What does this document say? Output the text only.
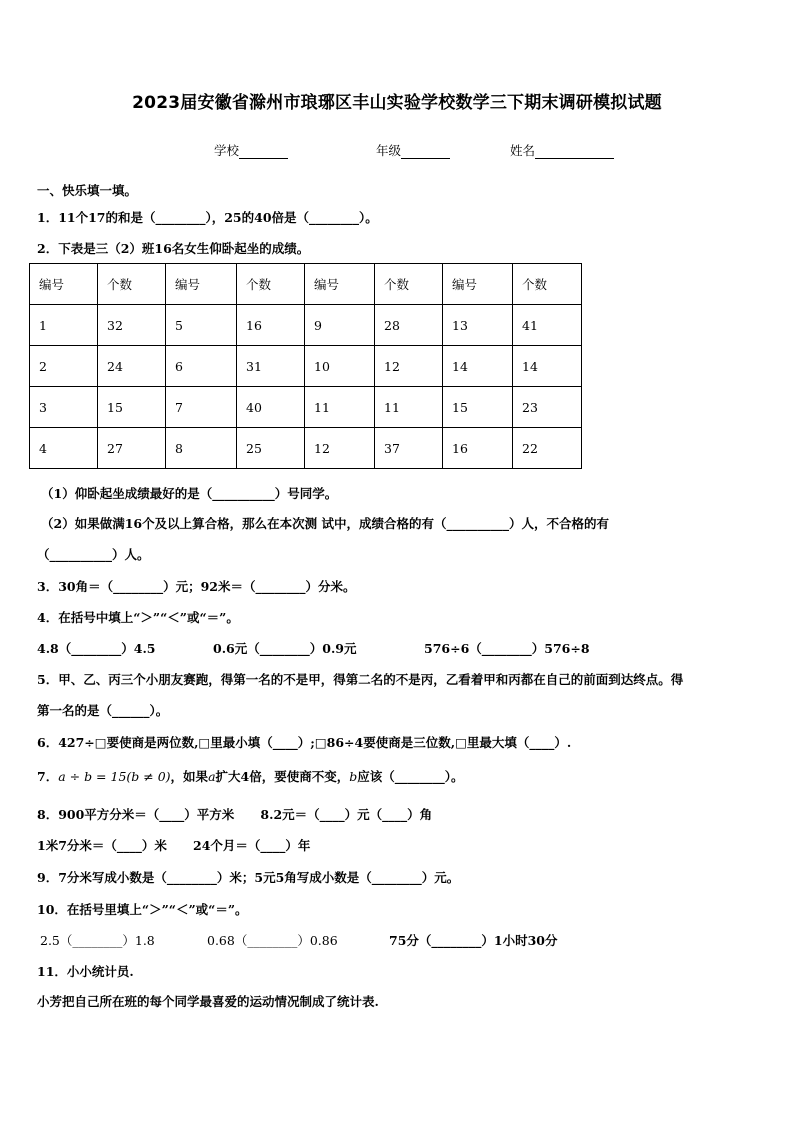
2023届安徽省滁州市琅琊区丰山实验学校数学三下期末调研模拟试题
学校	年级	姓名
一、快乐填一填。
1．11个17的和是（________），25的40倍是（________）。
2．下表是三（2）班16名女生仰卧起坐的成绩。
编号	个数	编号	个数	编号	个数	编号	个数
1	32	5	16	9	28	13	41
2	24	6	31	10	12	14	14
3	15	7	40	11	11	15	23
4	27	8	25	12	37	16	22
（1）仰卧起坐成绩最好的是（__________）号同学。
（2）如果做满16个及以上算合格，那么在本次测 试中，成绩合格的有（__________）人，不合格的有
（__________）人。
3．30角＝（________）元；92米＝（________）分米。
4．在括号中填上“＞”“＜”或“＝”。
4.8（________）4.5	0.6元（________）0.9元	576÷6（________）576÷8
5．甲、乙、丙三个小朋友赛跑，得第一名的不是甲，得第二名的不是丙，乙看着甲和丙都在自己的前面到达终点。得
第一名的是（______）。
6．427÷□要使商是两位数,□里最小填（____）;□86÷4要使商是三位数,□里最大填（____）.
7．a ÷ b = 15(b ≠ 0)，如果a扩大4倍，要使商不变，b应该（________）。
8．900平方分米＝（____）平方米      8.2元＝（____）元（____）角
1米7分米＝（____）米      24个月＝（____）年
9．7分米写成小数是（________）米；5元5角写成小数是（________）元。
10．在括号里填上“＞”“＜”或“＝”。
2.5（________）1.8	0.68（________）0.86	75分（________）1小时30分
11．小小统计员.
小芳把自己所在班的每个同学最喜爱的运动情况制成了统计表.
